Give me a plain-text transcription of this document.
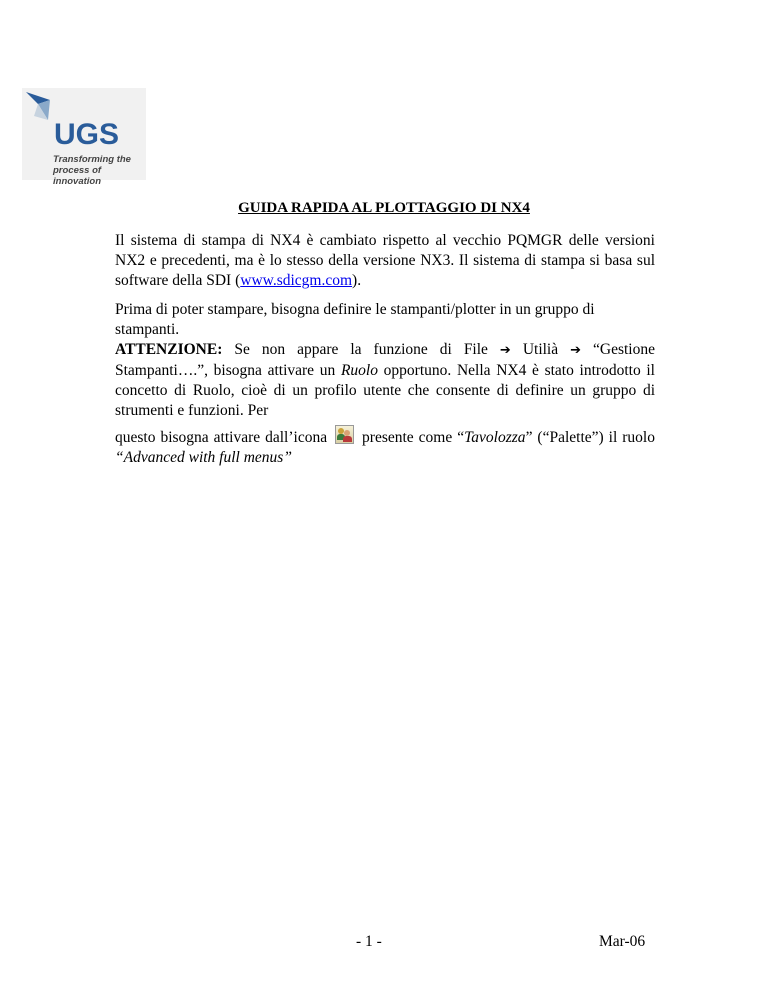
UGS
Transforming the process of innovation
GUIDA RAPIDA AL PLOTTAGGIO DI NX4
Il sistema di stampa di NX4 è cambiato rispetto al vecchio PQMGR delle versioni NX2 e precedenti, ma è lo stesso della versione NX3. Il sistema di stampa si basa sul software della SDI (www.sdicgm.com).
Prima di poter stampare, bisogna definire le stampanti/plotter in un gruppo di stampanti.
ATTENZIONE: Se non appare la funzione di File ➔ Utilià ➔ “Gestione Stampanti….”, bisogna attivare un Ruolo opportuno. Nella NX4 è stato introdotto il concetto di Ruolo, cioè di un profilo utente che consente di definire un gruppo di strumenti e funzioni. Per
questo bisogna attivare dall’icona presente come “Tavolozza” (“Palette”) il ruolo
“Advanced with full menus”
- 1 -	Mar-06
